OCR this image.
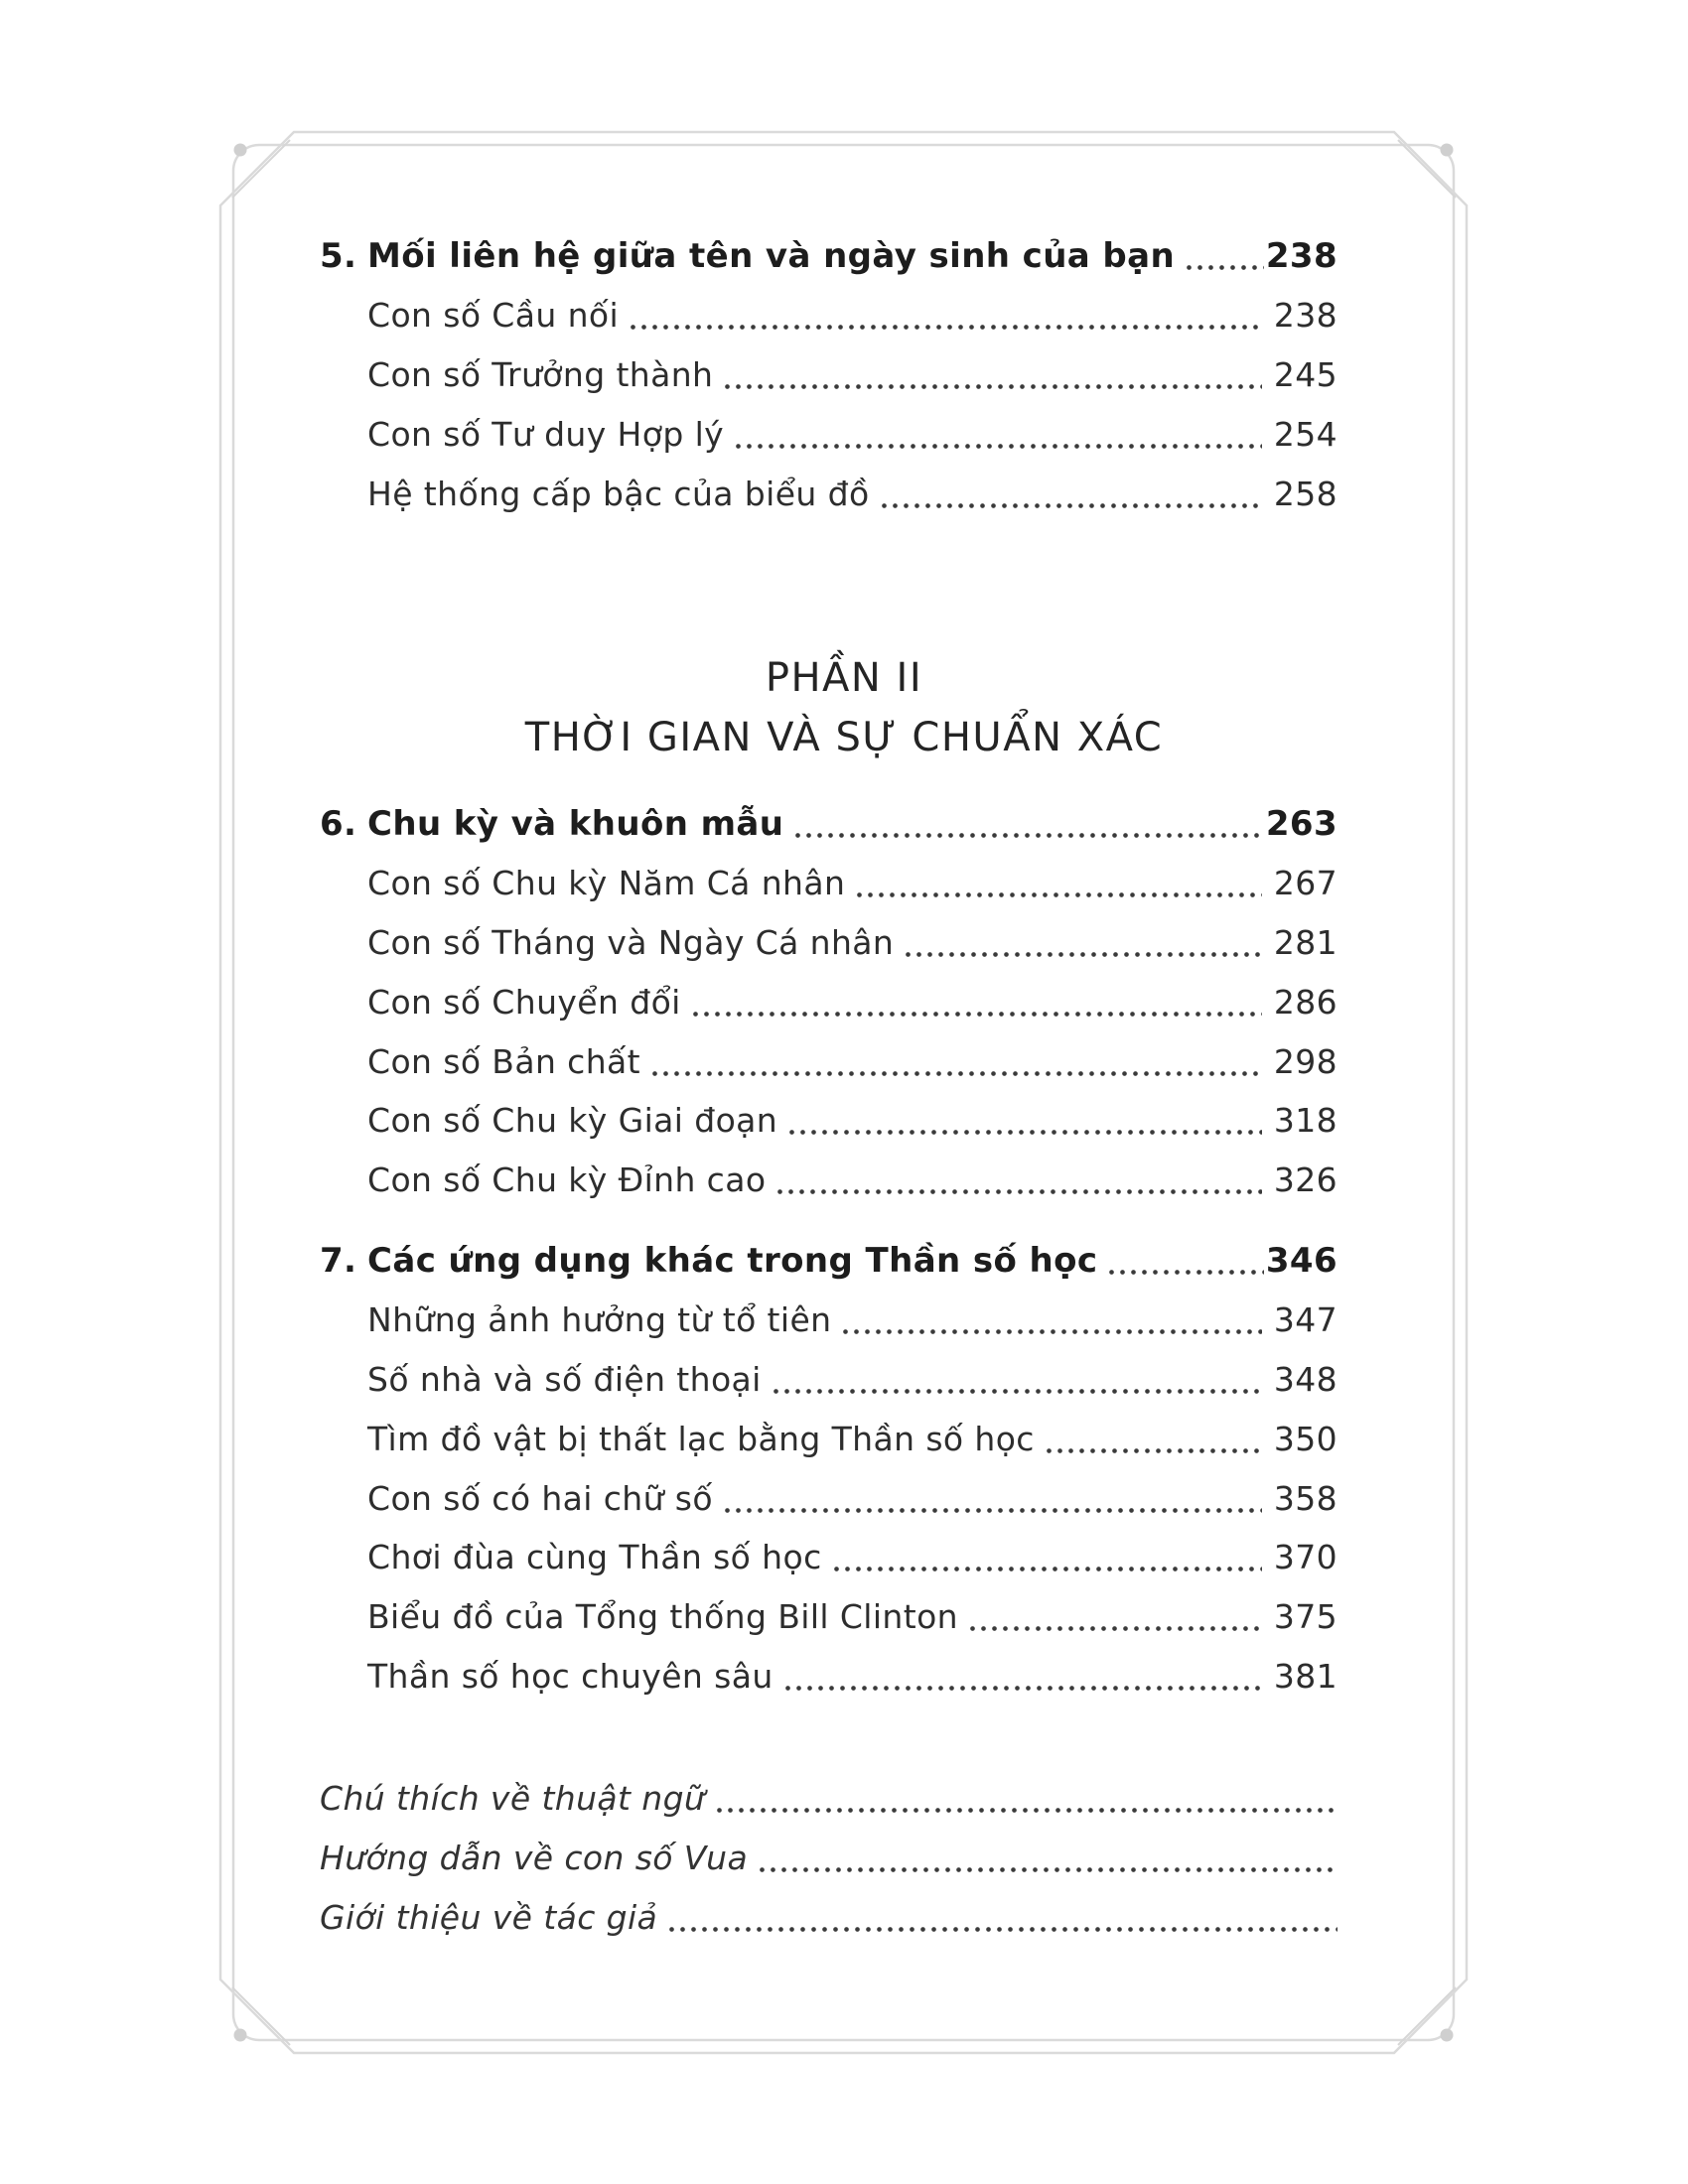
5. Mối liên hệ giữa tên và ngày sinh của bạn	238
Con số Cầu nối	238
Con số Trưởng thành	245
Con số Tư duy Hợp lý	254
Hệ thống cấp bậc của biểu đồ	258
PHẦN II
THỜI GIAN VÀ SỰ CHUẨN XÁC
6. Chu kỳ và khuôn mẫu	263
Con số Chu kỳ Năm Cá nhân	267
Con số Tháng và Ngày Cá nhân	281
Con số Chuyển đổi	286
Con số Bản chất	298
Con số Chu kỳ Giai đoạn	318
Con số Chu kỳ Đỉnh cao	326
7. Các ứng dụng khác trong Thần số học	346
Những ảnh hưởng từ tổ tiên	347
Số nhà và số điện thoại	348
Tìm đồ vật bị thất lạc bằng Thần số học	350
Con số có hai chữ số	358
Chơi đùa cùng Thần số học	370
Biểu đồ của Tổng thống Bill Clinton	375
Thần số học chuyên sâu	381
Chú thích về thuật ngữ
Hướng dẫn về con số Vua
Giới thiệu về tác giả
